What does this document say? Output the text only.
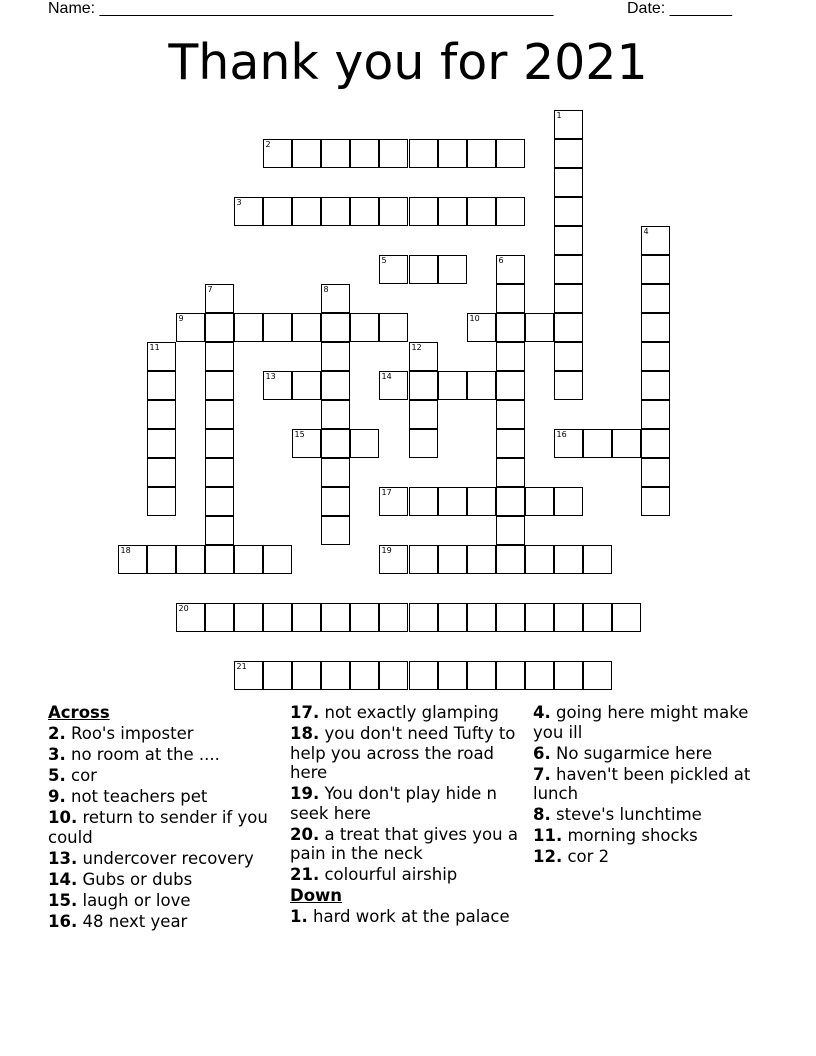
Name: ___________________________________________________	Date: _______
Thank you for 2021
1
2
3
4
5	6
7	8
9	10
11	12
13	14
15	16
17
18	19
20
21
Across
2. Roo's imposter
3. no room at the ....
5. cor
9. not teachers pet
10. return to sender if you could
13. undercover recovery
14. Gubs or dubs
15. laugh or love
16. 48 next year
17. not exactly glamping
18. you don't need Tufty to help you across the road here
19. You don't play hide n seek here
20. a treat that gives you a pain in the neck
21. colourful airship
Down
1. hard work at the palace
4. going here might make you ill
6. No sugarmice here
7. haven't been pickled at lunch
8. steve's lunchtime
11. morning shocks
12. cor 2
